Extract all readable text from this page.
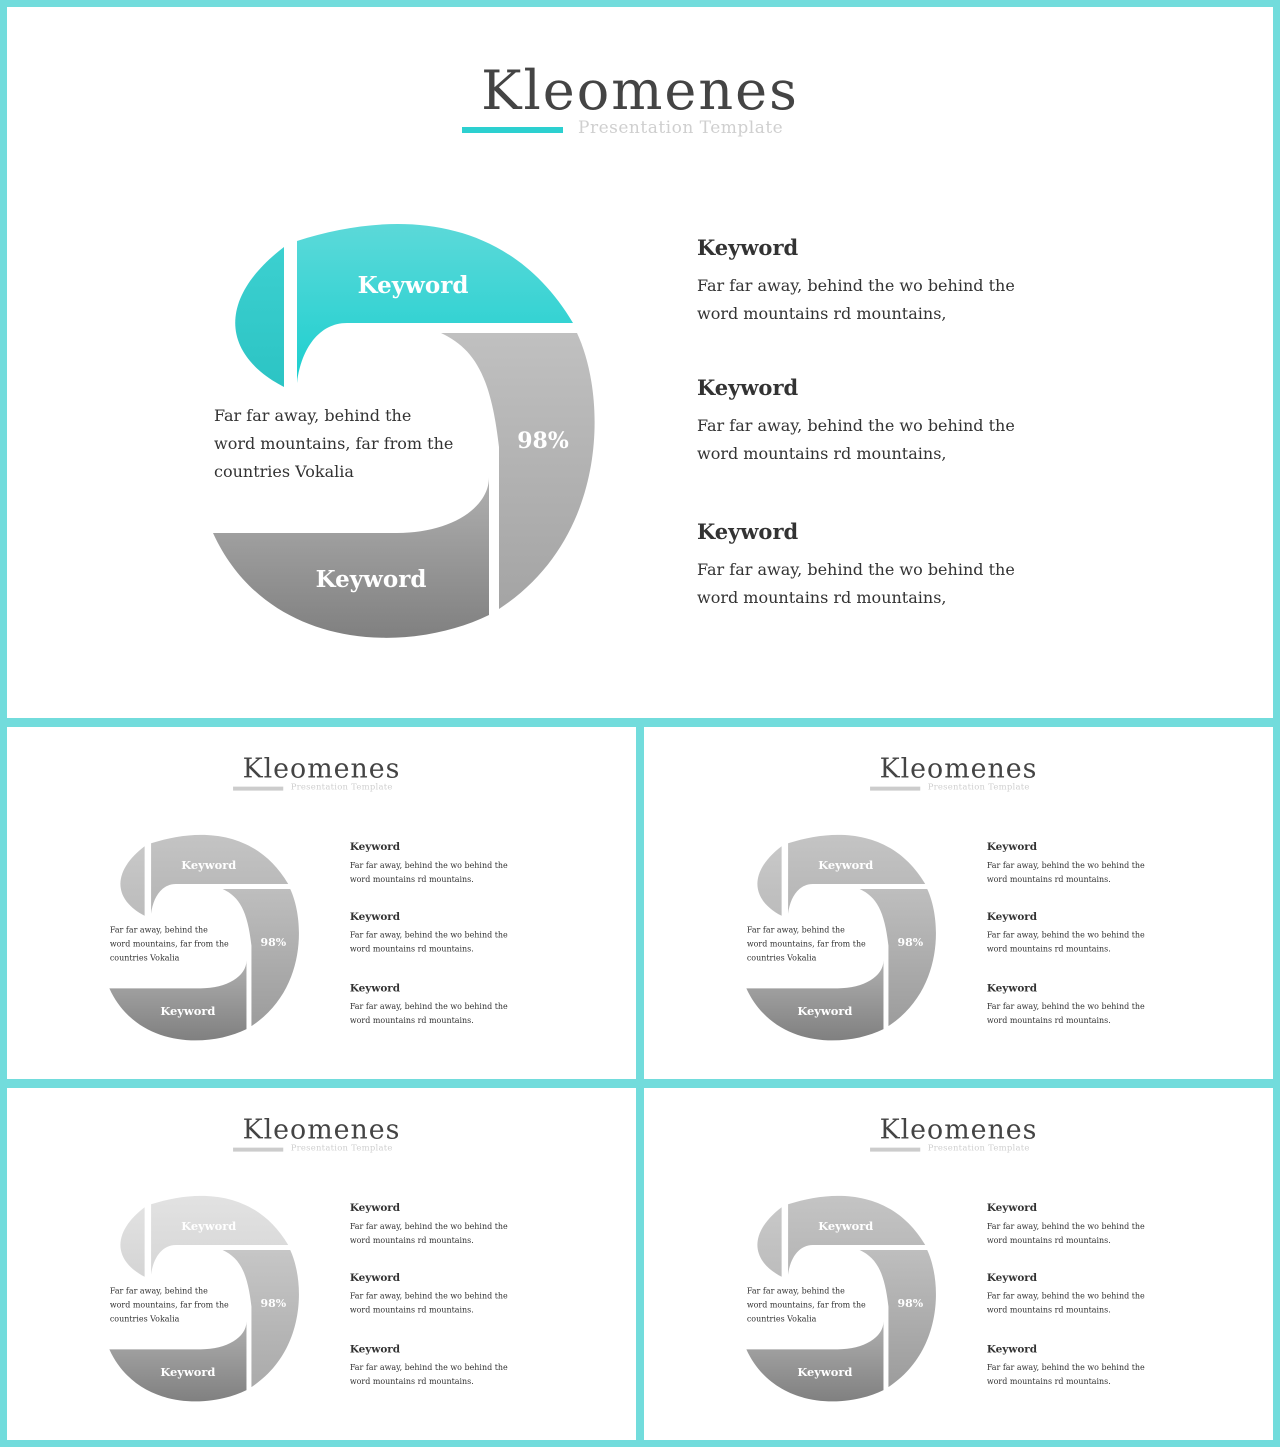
Kleomenes
Presentation Template
Keyword
Keyword
98%
Far far away, behind the word mountains, far from the countries Vokalia
Keyword
Far far away, behind the wo behind the word mountains rd mountains,
Keyword
Far far away, behind the wo behind the word mountains rd mountains,
Keyword
Far far away, behind the wo behind the word mountains rd mountains,
Kleomenes
Presentation Template
Keyword
Keyword
98%
Far far away, behind the word mountains, far from the countries Vokalia
Keyword
Far far away, behind the wo behind the word mountains rd mountains.
Keyword
Far far away, behind the wo behind the word mountains rd mountains.
Keyword
Far far away, behind the wo behind the word mountains rd mountains.
Kleomenes
Presentation Template
Keyword
Keyword
98%
Far far away, behind the word mountains, far from the countries Vokalia
Keyword
Far far away, behind the wo behind the word mountains rd mountains.
Keyword
Far far away, behind the wo behind the word mountains rd mountains.
Keyword
Far far away, behind the wo behind the word mountains rd mountains.
Kleomenes
Presentation Template
Keyword
Keyword
98%
Far far away, behind the word mountains, far from the countries Vokalia
Keyword
Far far away, behind the wo behind the word mountains rd mountains.
Keyword
Far far away, behind the wo behind the word mountains rd mountains.
Keyword
Far far away, behind the wo behind the word mountains rd mountains.
Kleomenes
Presentation Template
Keyword
Keyword
98%
Far far away, behind the word mountains, far from the countries Vokalia
Keyword
Far far away, behind the wo behind the word mountains rd mountains.
Keyword
Far far away, behind the wo behind the word mountains rd mountains.
Keyword
Far far away, behind the wo behind the word mountains rd mountains.
